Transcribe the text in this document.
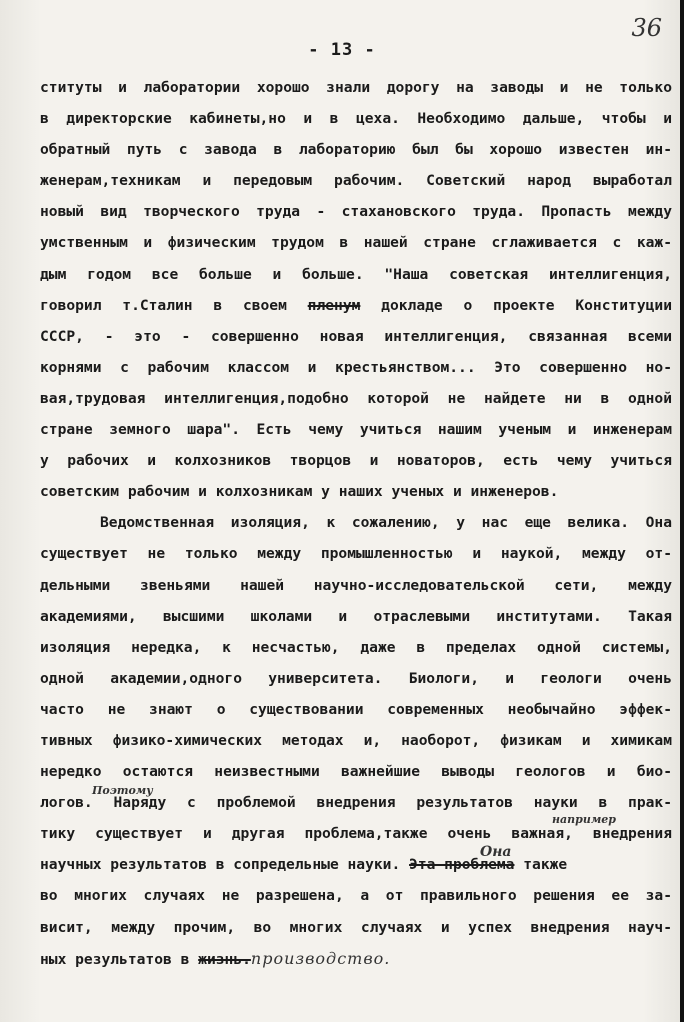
36
- 13 -
ституты и лаборатории хорошо знали дорогу на заводы и не только
в директорские кабинеты,но и в цеха. Необходимо дальше, чтобы и
обратный путь с завода в лабораторию был бы хорошо известен ин-
женерам,техникам и передовым рабочим. Советский народ выработал
новый вид творческого труда - стахановского труда. Пропасть между
умственным и физическим трудом в нашей стране сглаживается с каж-
дым годом все больше и больше. "Наша советская интеллигенция,
говорил т.Сталин в своем пленум докладе о проекте Конституции
СССР, - это - совершенно новая интеллигенция, связанная всеми
корнями с рабочим классом и крестьянством... Это совершенно но-
вая,трудовая интеллигенция,подобно которой не найдете ни в одной
стране земного шара". Есть чему учиться нашим ученым и инженерам
у рабочих и колхозников творцов и новаторов, есть чему учиться
советским рабочим и колхозникам у наших ученых и инженеров.
Ведомственная изоляция, к сожалению, у нас еще велика. Она
существует не только между промышленностью и наукой, между от-
дельными звеньями нашей научно-исследовательской сети, между
академиями, высшими школами и отраслевыми институтами. Такая
изоляция нередка, к несчастью, даже в пределах одной системы,
одной академии,одного университета. Биологи, и геологи очень
часто не знают о существовании современных необычайно эффек-
тивных физико-химических методах и, наоборот, физикам и химикам
нередко остаются неизвестными важнейшие выводы геологов и био-
логов. Наряду с проблемой внедрения результатов науки в прак-
Поэтому
тику существует и другая проблема,также очень важная, внедрения
например
научных результатов в сопредельные науки. Эта проблема также
Она
во многих случаях не разрешена, а от правильного решения ее за-
висит, между прочим, во многих случаях и успех внедрения науч-
ных результатов в жизнь.производство.
